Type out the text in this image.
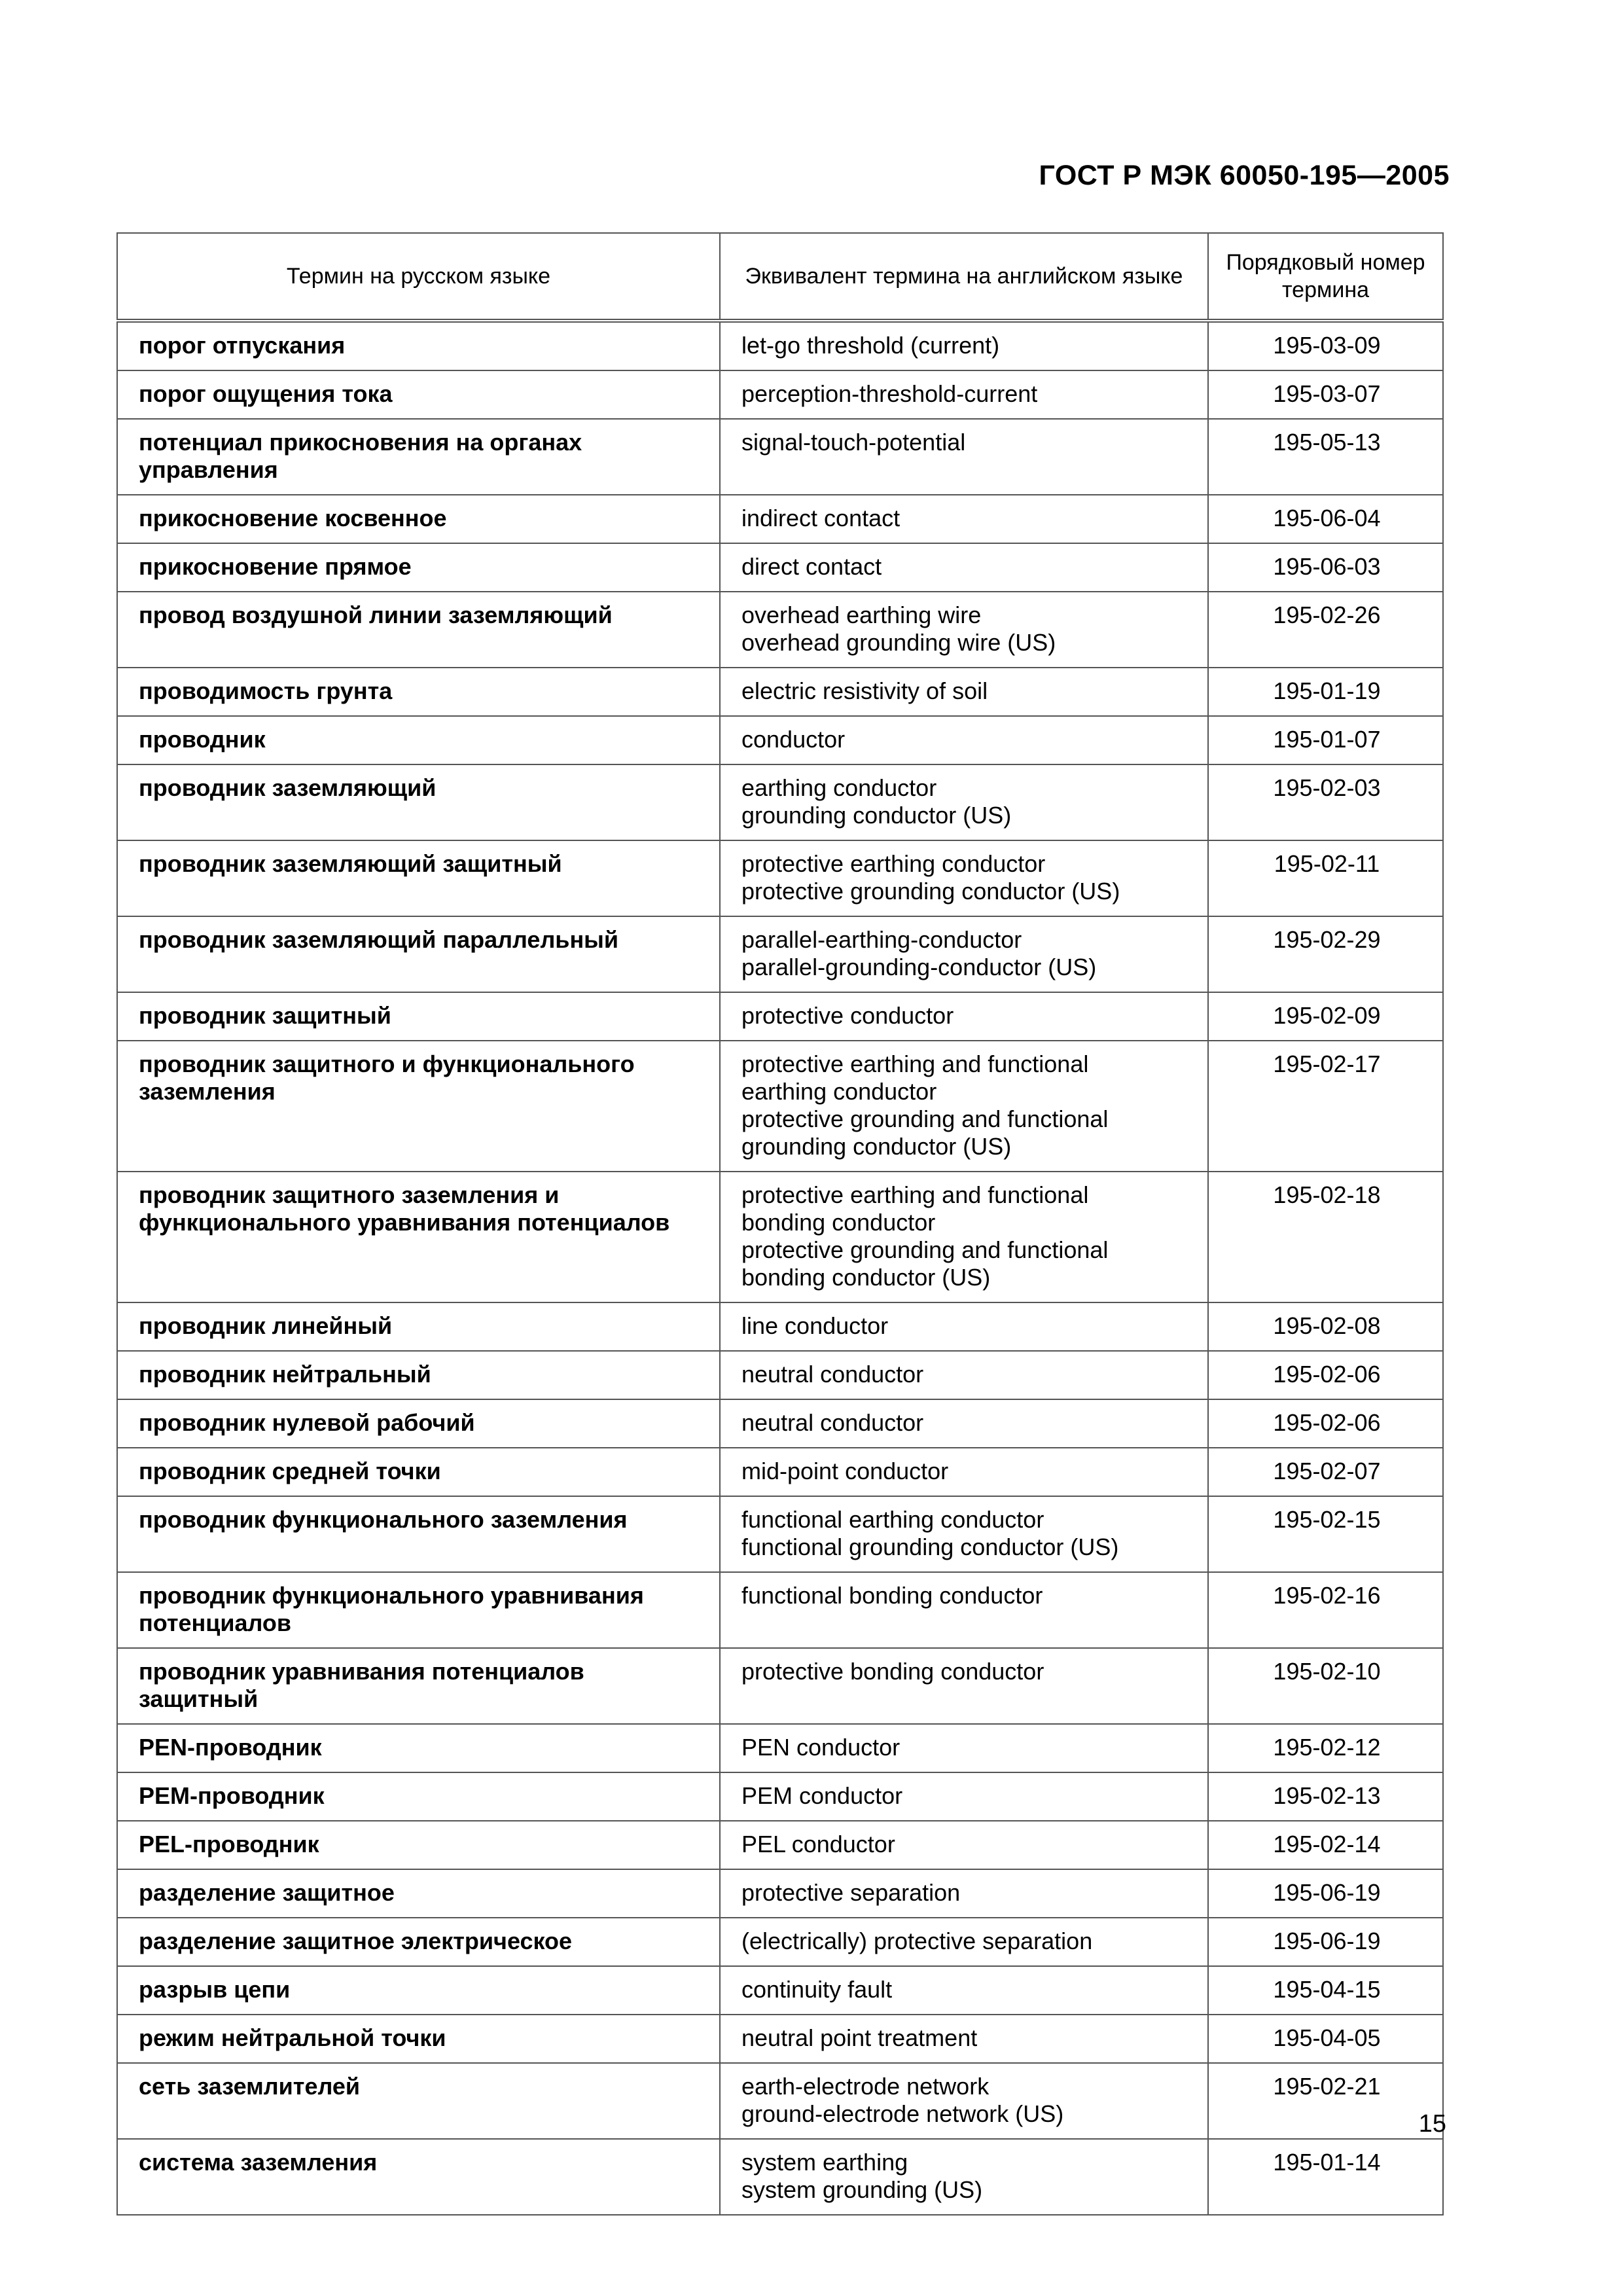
ГОСТ Р МЭК 60050-195—2005
Термин на русском языке	Эквивалент термина на английском языке	Порядковый номер термина
порог отпускания	let-go threshold (current)	195-03-09
порог ощущения тока	perception-threshold-current	195-03-07
потенциал прикосновения на органах управления	signal-touch-potential	195-05-13
прикосновение косвенное	indirect contact	195-06-04
прикосновение прямое	direct contact	195-06-03
провод воздушной линии заземляющий	overhead earthing wire
overhead grounding wire (US)	195-02-26
проводимость грунта	electric resistivity of soil	195-01-19
проводник	conductor	195-01-07
проводник заземляющий	earthing conductor
grounding conductor (US)	195-02-03
проводник заземляющий защитный	protective earthing conductor
protective grounding conductor (US)	195-02-11
проводник заземляющий параллельный	parallel-earthing-conductor
parallel-grounding-conductor (US)	195-02-29
проводник защитный	protective conductor	195-02-09
проводник защитного и функционального заземления	protective earthing and functional
earthing conductor
protective grounding and functional
grounding conductor (US)	195-02-17
проводник защитного заземления и функционального уравнивания потенциалов	protective earthing and functional
bonding conductor
protective grounding and functional
bonding conductor (US)	195-02-18
проводник линейный	line conductor	195-02-08
проводник нейтральный	neutral conductor	195-02-06
проводник нулевой рабочий	neutral conductor	195-02-06
проводник средней точки	mid-point conductor	195-02-07
проводник функционального заземления	functional earthing conductor
functional grounding conductor (US)	195-02-15
проводник функционального уравнивания потенциалов	functional bonding conductor	195-02-16
проводник уравнивания потенциалов защитный	protective bonding conductor	195-02-10
PEN-проводник	PEN conductor	195-02-12
PEM-проводник	PEM conductor	195-02-13
PEL-проводник	PEL conductor	195-02-14
разделение защитное	protective separation	195-06-19
разделение защитное электрическое	(electrically) protective separation	195-06-19
разрыв цепи	continuity fault	195-04-15
режим нейтральной точки	neutral point treatment	195-04-05
сеть заземлителей	earth-electrode network
ground-electrode network (US)	195-02-21
система заземления	system earthing
system grounding (US)	195-01-14
15
